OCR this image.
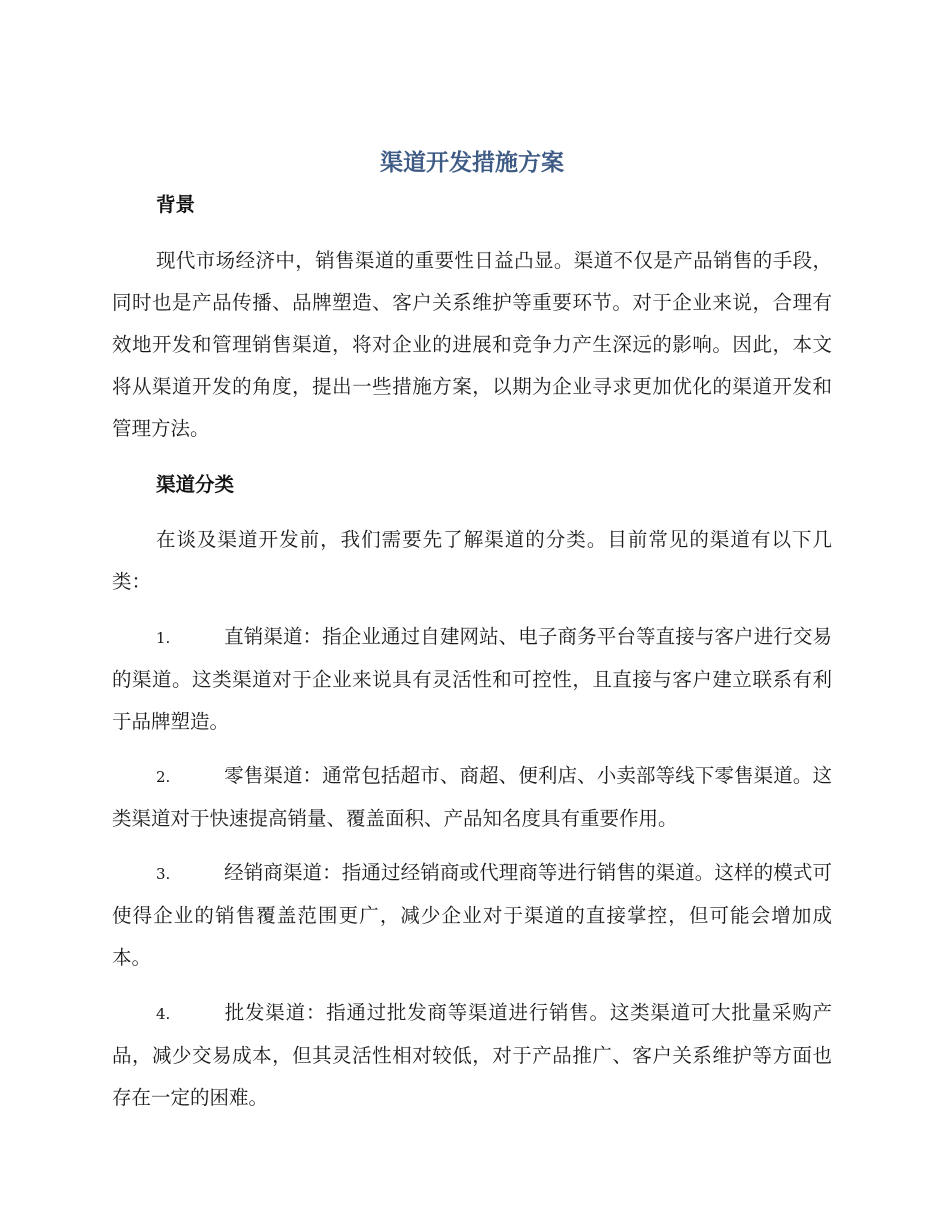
渠道开发措施方案
背景

现代市场经济中，销售渠道的重要性日益凸显。渠道不仅是产品销售的手段，同时也是产品传播、品牌塑造、客户关系维护等重要环节。对于企业来说，合理有效地开发和管理销售渠道，将对企业的进展和竞争力产生深远的影响。因此，本文将从渠道开发的角度，提出一些措施方案，以期为企业寻求更加优化的渠道开发和管理方法。

渠道分类

在谈及渠道开发前，我们需要先了解渠道的分类。目前常见的渠道有以下几类：

1.	直销渠道：指企业通过自建网站、电子商务平台等直接与客户进行交易的渠道。这类渠道对于企业来说具有灵活性和可控性，且直接与客户建立联系有利于品牌塑造。

2.	零售渠道：通常包括超市、商超、便利店、小卖部等线下零售渠道。这类渠道对于快速提高销量、覆盖面积、产品知名度具有重要作用。

3.	经销商渠道：指通过经销商或代理商等进行销售的渠道。这样的模式可使得企业的销售覆盖范围更广，减少企业对于渠道的直接掌控，但可能会增加成本。

4.	批发渠道：指通过批发商等渠道进行销售。这类渠道可大批量采购产品，减少交易成本，但其灵活性相对较低，对于产品推广、客户关系维护等方面也存在一定的困难。
